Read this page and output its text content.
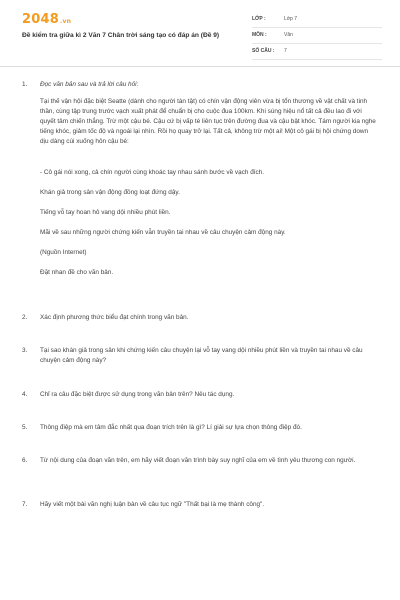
2048.vn
Đề kiểm tra giữa kì 2 Văn 7 Chân trời sáng tạo có đáp án (Đề 9)
LỚP :	Lớp 7
MÔN :	Văn
SỐ CÂU : 7
1. Đọc văn bản sau và trả lời câu hỏi:
Tại thế vận hội đặc biệt Seatte (dành cho người tàn tật) có chín vận động viên vừa bị tổn thương về vật chất và tinh thần, cùng tập trung trước vạch xuất phát để chuẩn bị cho cuộc đua 100km. Khi súng hiệu nổ tất cả đều lao đi với quyết tâm chiến thắng. Trừ một cậu bé. Cậu cứ bị vấp té liên tục trên đường đua và cậu bật khóc. Tám người kia nghe tiếng khóc, giảm tốc độ và ngoái lại nhìn. Rồi họ quay trở lại. Tất cả, không trừ một ai! Một cô gái bị hội chứng down dịu dàng cúi xuống hôn cậu bé:
- Cô gái nói xong, cả chín người cùng khoác tay nhau sánh bước về vạch đích.
Khán giả trong sân vận động đồng loạt đứng dậy.
Tiếng vỗ tay hoan hô vang dội nhiều phút liền.
Mãi về sau những người chứng kiến vẫn truyền tai nhau về câu chuyện cảm động này.
(Nguồn Internet)
Đặt nhan đề cho văn bản.
2. Xác định phương thức biểu đạt chính trong văn bản.
3. Tại sao khán giả trong sân khi chứng kiến câu chuyện lại vỗ tay vang dội nhiều phút liền và truyền tai nhau về câu chuyện cảm động này?
4. Chỉ ra câu đặc biệt được sử dụng trong văn bản trên? Nêu tác dụng.
5. Thông điệp mà em tâm đắc nhất qua đoạn trích trên là gì? Lí giải sự lựa chọn thông điệp đó.
6. Từ nội dung của đoạn văn trên, em hãy viết đoạn văn trình bày suy nghĩ của em về tình yêu thương con người.
7. Hãy viết một bài văn nghị luận bàn về câu tục ngữ "Thất bại là mẹ thành công".
